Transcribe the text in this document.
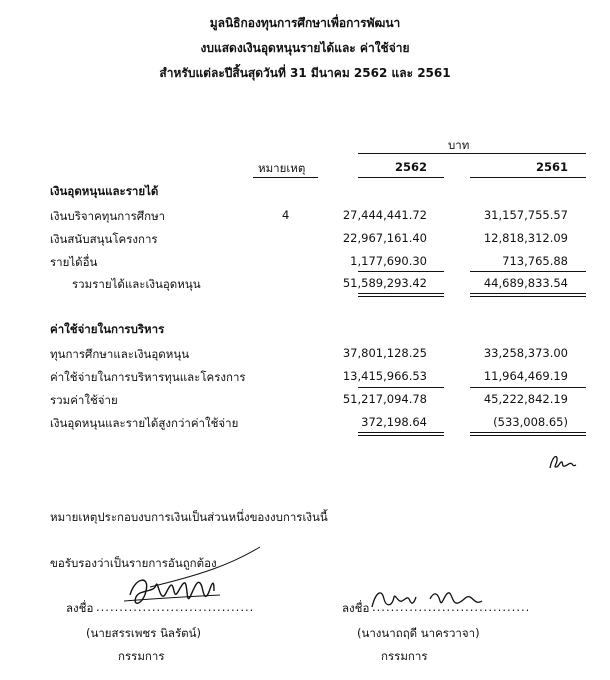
มูลนิธิกองทุนการศึกษาเพื่อการพัฒนา
งบแสดงเงินอุดหนุนรายได้และ ค่าใช้จ่าย
สำหรับแต่ละปีสิ้นสุดวันที่ 31 มีนาคม 2562 และ 2561
บาท
หมายเหตุ	2562	2561
เงินอุดหนุนและรายได้
เงินบริจาคทุนการศึกษา	4	27,444,441.72	31,157,755.57
เงินสนับสนุนโครงการ	22,967,161.40	12,818,312.09
รายได้อื่น	1,177,690.30	713,765.88
รวมรายได้และเงินอุดหนุน	51,589,293.42	44,689,833.54
ค่าใช้จ่ายในการบริหาร
ทุนการศึกษาและเงินอุดหนุน	37,801,128.25	33,258,373.00
ค่าใช้จ่ายในการบริหารทุนและโครงการ	13,415,966.53	11,964,469.19
รวมค่าใช้จ่าย	51,217,094.78	45,222,842.19
เงินอุดหนุนและรายได้สูงกว่าค่าใช้จ่าย	372,198.64	(533,008.65)
หมายเหตุประกอบงบการเงินเป็นส่วนหนึ่งของงบการเงินนี้
ขอรับรองว่าเป็นรายการอันถูกต้อง
ลงชื่อ ..................................
(นายสรรเพชร นิลรัตน์)
กรรมการ
ลงชื่อ ..................................
(นางนาถฤดี นาครวาจา)
กรรมการ
